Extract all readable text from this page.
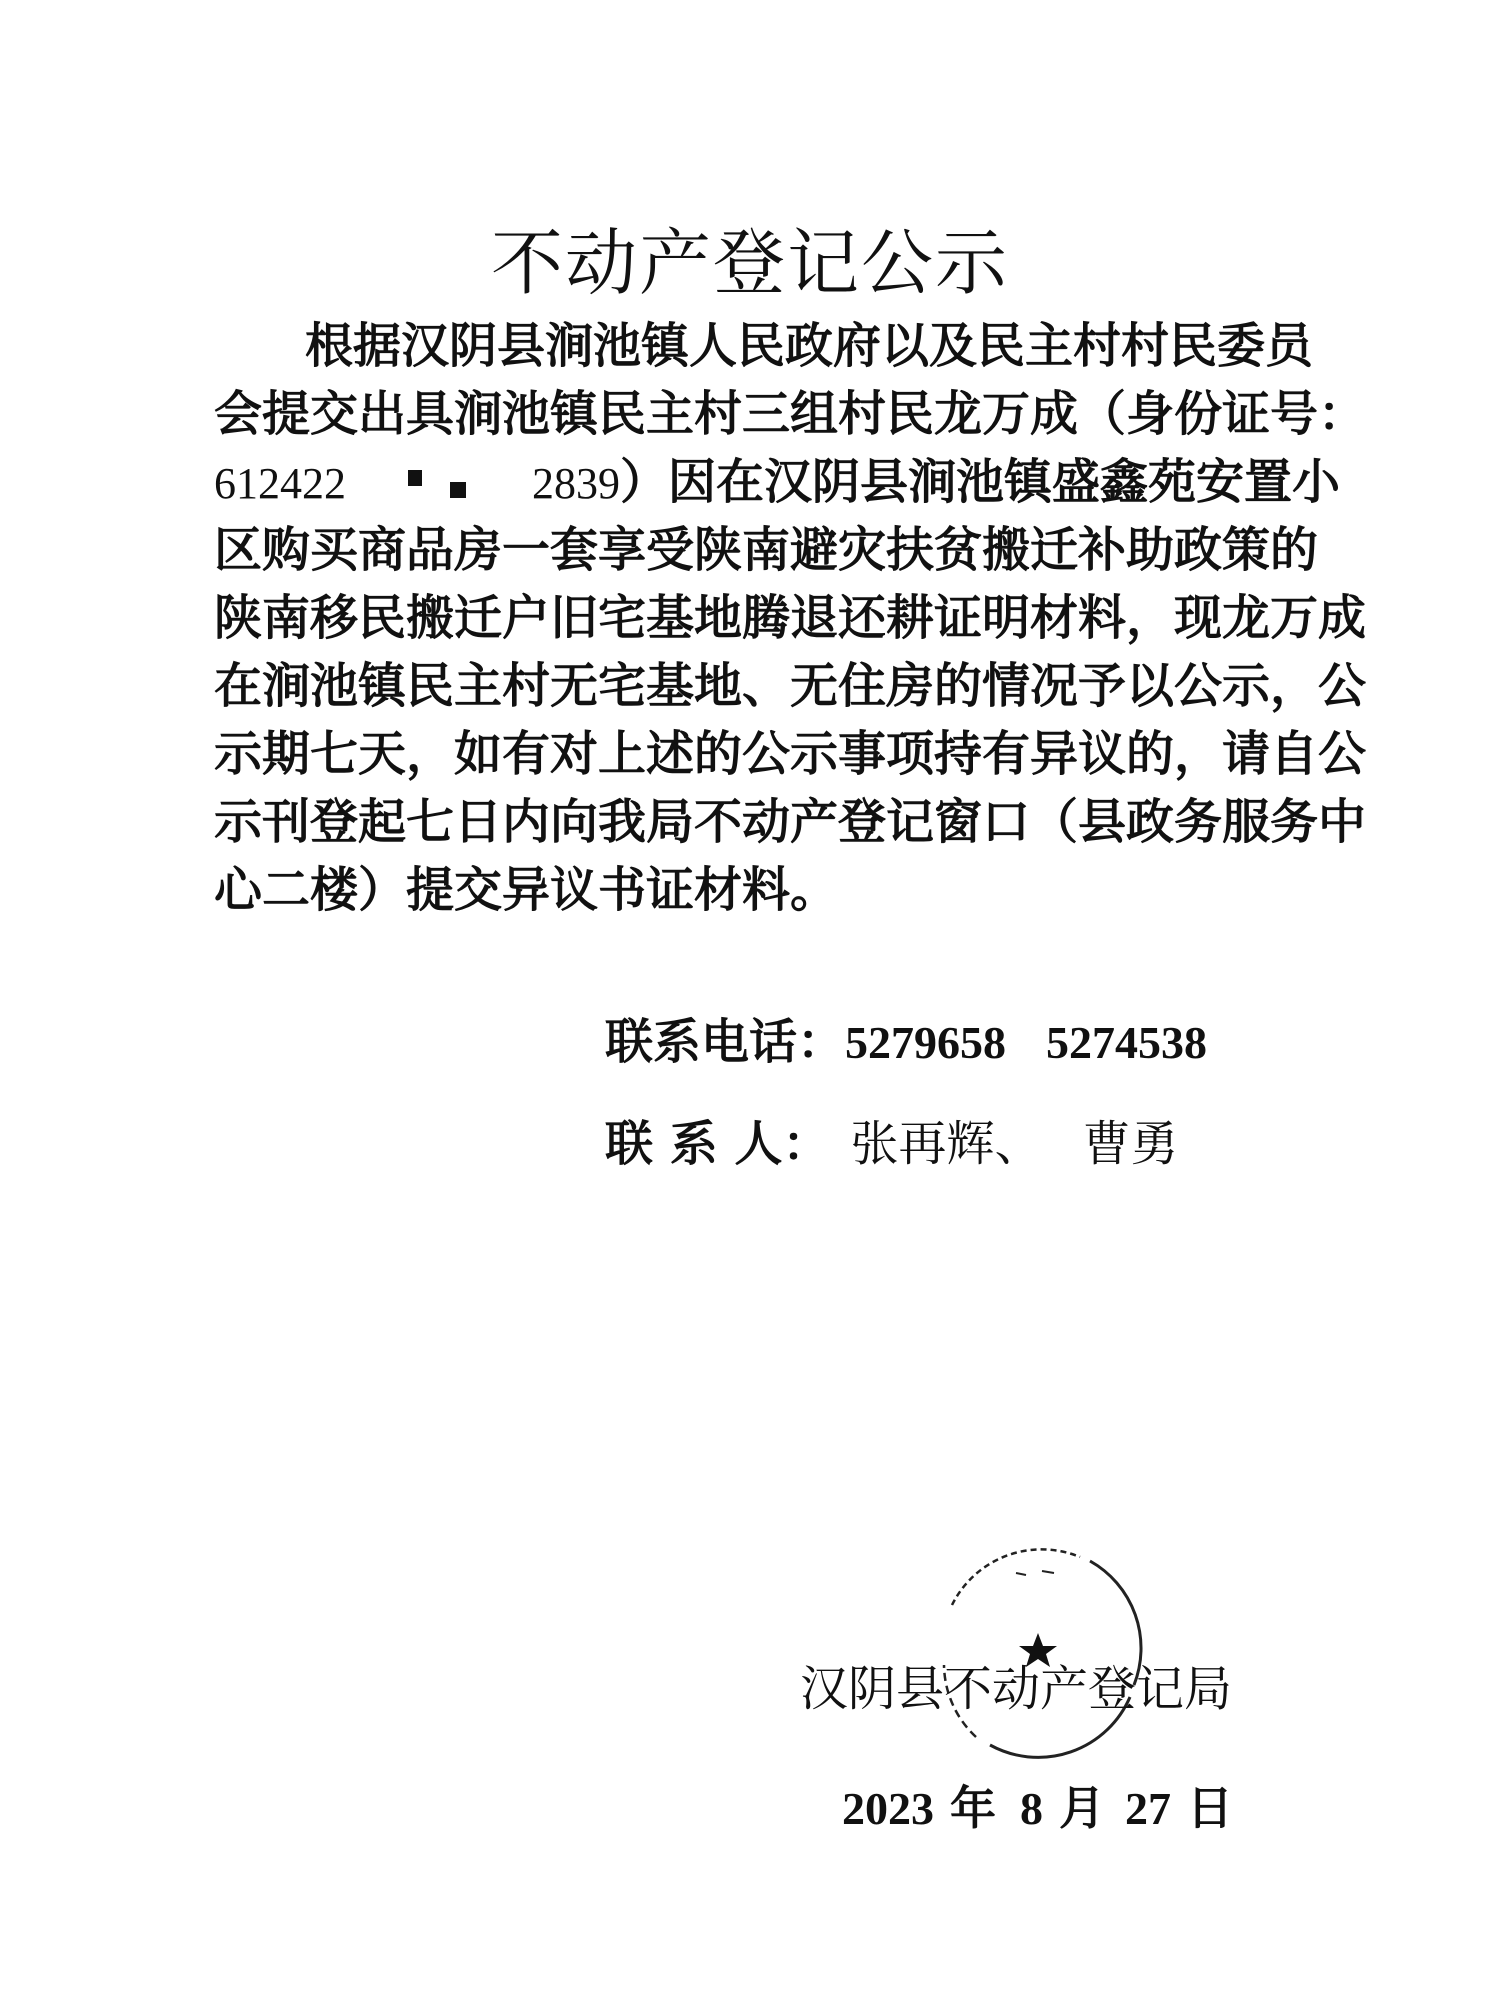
不动产登记公示
根据汉阴县涧池镇人民政府以及民主村村民委员
会提交出具涧池镇民主村三组村民龙万成（身份证号：
612422	2839）因在汉阴县涧池镇盛鑫苑安置小
区购买商品房一套享受陕南避灾扶贫搬迁补助政策的
陕南移民搬迁户旧宅基地腾退还耕证明材料，现龙万成
在涧池镇民主村无宅基地、无住房的情况予以公示，公
示期七天，如有对上述的公示事项持有异议的，请自公
示刊登起七日内向我局不动产登记窗口（县政务服务中
心二楼）提交异议书证材料。
联系电话：5279658 5274538
联 系 人： 张再辉、 曹勇
汉阴县不动产登记局
2023 年 8 月 27 日
